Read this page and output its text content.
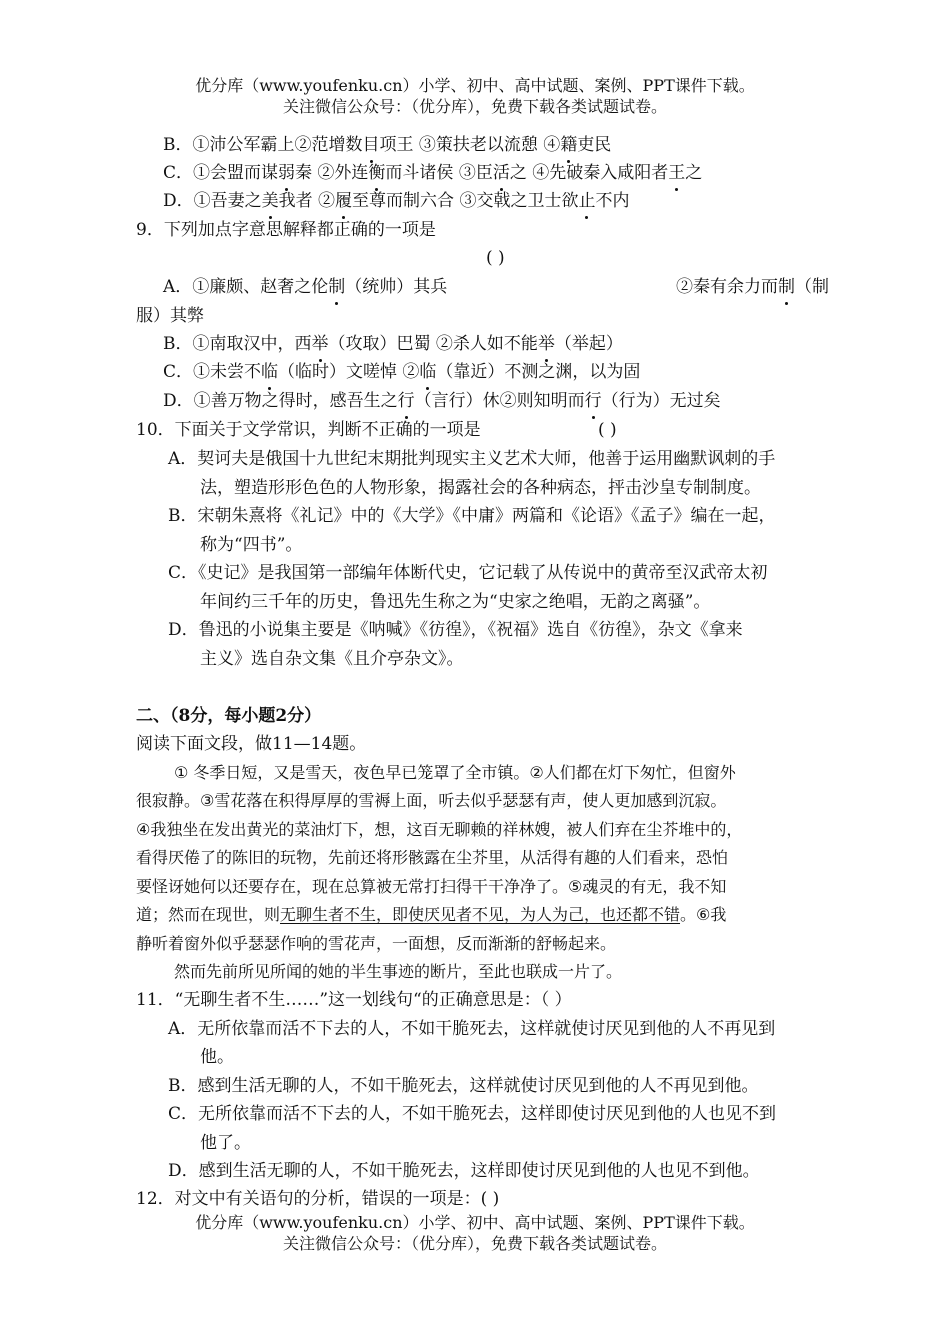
优分库（www.youfenku.cn）小学、初中、高中试题、案例、PPT课件下载。
关注微信公众号：（优分库），免费下载各类试题试卷。
B．①沛公军霸上②范增数目项王 ③策扶老以流憩 ④籍吏民
C．①会盟而谋弱秦 ②外连衡而斗诸侯 ③臣活之 ④先破秦入咸阳者王之
D．①吾妻之美我者 ②履至尊而制六合 ③交戟之卫士欲止不内
9．下列加点字意思解释都正确的一项是
( )
A．①廉颇、赵奢之伦制（统帅）其兵	②秦有余力而制（制
服）其弊
B．①南取汉中，西举（攻取）巴蜀 ②杀人如不能举（举起）
C．①未尝不临（临时）文嗟悼 ②临（靠近）不测之渊，以为固
D．①善万物之得时，感吾生之行（言行）休②则知明而行（行为）无过矣
10．下面关于文学常识，判断不正确的一项是	( )
A．契诃夫是俄国十九世纪末期批判现实主义艺术大师，他善于运用幽默讽刺的手
法，塑造形形色色的人物形象，揭露社会的各种病态，抨击沙皇专制制度。
B．宋朝朱熹将《礼记》中的《大学》《中庸》两篇和《论语》《孟子》编在一起，
称为“四书”。
C．《史记》是我国第一部编年体断代史，它记载了从传说中的黄帝至汉武帝太初
年间约三千年的历史，鲁迅先生称之为“史家之绝唱，无韵之离骚”。
D．鲁迅的小说集主要是《呐喊》《彷徨》，《祝福》选自《彷徨》，杂文《拿来
主义》选自杂文集《且介亭杂文》。
二、（8分，每小题2分）
阅读下面文段，做11—14题。
① 冬季日短，又是雪天，夜色早已笼罩了全市镇。②人们都在灯下匆忙，但窗外
很寂静。③雪花落在积得厚厚的雪褥上面，听去似乎瑟瑟有声，使人更加感到沉寂。
④我独坐在发出黄光的菜油灯下，想，这百无聊赖的祥林嫂，被人们弃在尘芥堆中的，
看得厌倦了的陈旧的玩物，先前还将形骸露在尘芥里，从活得有趣的人们看来，恐怕
要怪讶她何以还要存在，现在总算被无常打扫得干干净净了。⑤魂灵的有无，我不知
道；然而在现世，则无聊生者不生，即使厌见者不见，为人为己，也还都不错。⑥我
静听着窗外似乎瑟瑟作响的雪花声，一面想，反而渐渐的舒畅起来。
然而先前所见所闻的她的半生事迹的断片，至此也联成一片了。
11．“无聊生者不生……”这一划线句“的正确意思是：（ ）
A．无所依靠而活不下去的人，不如干脆死去，这样就使讨厌见到他的人不再见到
他。
B．感到生活无聊的人，不如干脆死去，这样就使讨厌见到他的人不再见到他。
C．无所依靠而活不下去的人，不如干脆死去，这样即使讨厌见到他的人也见不到
他了。
D．感到生活无聊的人，不如干脆死去，这样即使讨厌见到他的人也见不到他。
12．对文中有关语句的分析，错误的一项是：( )
优分库（www.youfenku.cn）小学、初中、高中试题、案例、PPT课件下载。
关注微信公众号：（优分库），免费下载各类试题试卷。
